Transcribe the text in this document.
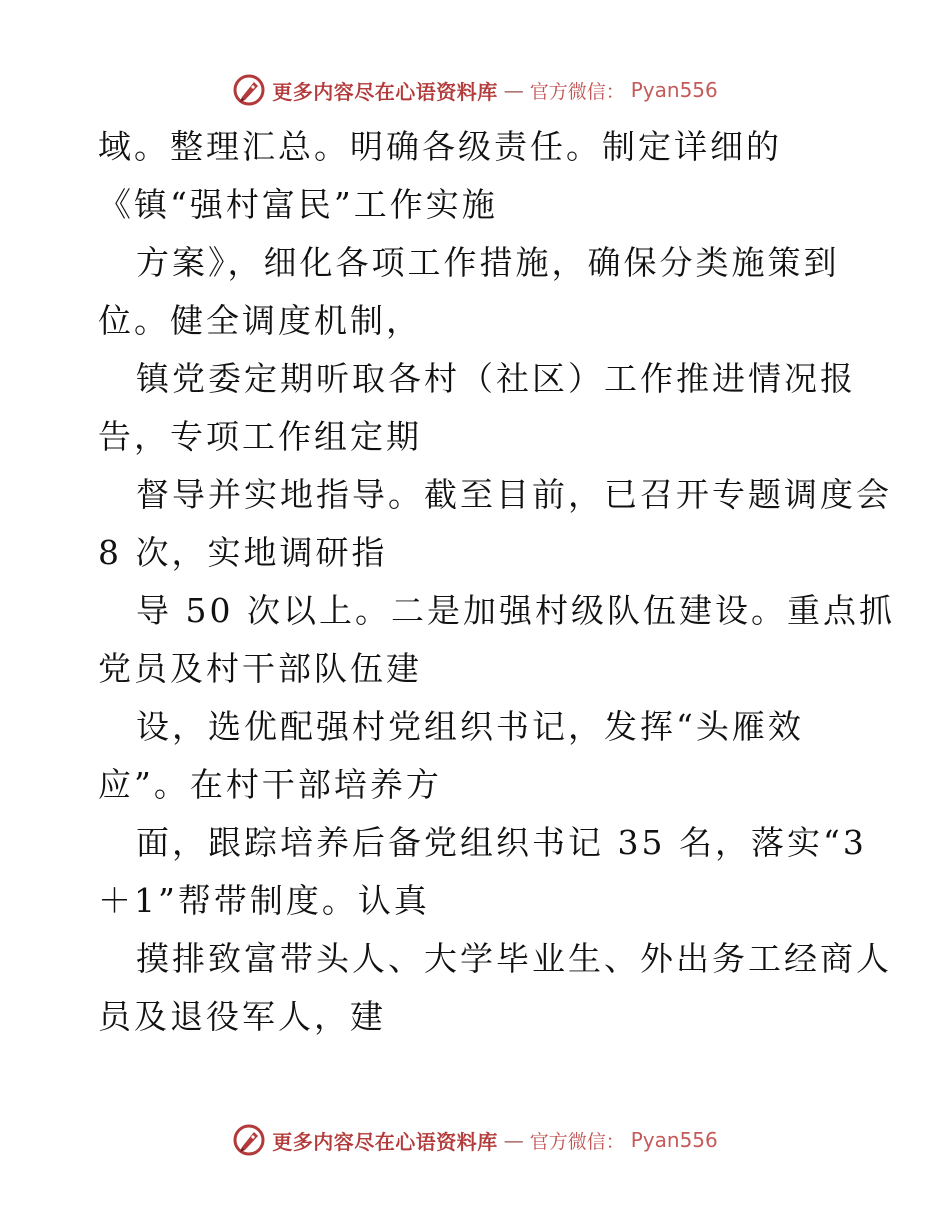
更多内容尽在心语资料库 — 官方微信： Pyan556
域。整理汇总。明确各级责任。制定详细的
《镇“强村富民”工作实施
方案》，细化各项工作措施，确保分类施策到
位。健全调度机制，
镇党委定期听取各村（社区）工作推进情况报
告，专项工作组定期
督导并实地指导。截至目前，已召开专题调度会
8 次，实地调研指
导 50 次以上。二是加强村级队伍建设。重点抓
党员及村干部队伍建
设，选优配强村党组织书记，发挥“头雁效
应”。在村干部培养方
面，跟踪培养后备党组织书记 35 名，落实“3
＋1”帮带制度。认真
摸排致富带头人、大学毕业生、外出务工经商人
员及退役军人，建
更多内容尽在心语资料库 — 官方微信： Pyan556
